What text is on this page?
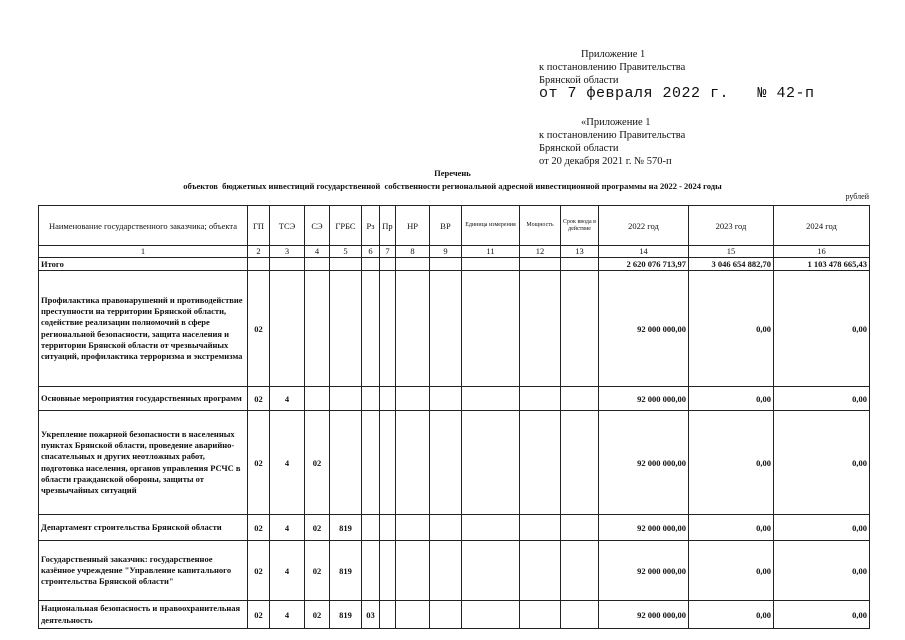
Приложение 1
к постановлению Правительства
Брянской области
от 7 февраля 2022 г.   № 42-п
«Приложение 1
к постановлению Правительства
Брянской области
от 20 декабря 2021 г. № 570-п
Перечень
объектов  бюджетных инвестиций государственной  собственности региональной адресной инвестиционной программы на 2022 - 2024 годы
рублей
Наименование государственного заказчика; объекта	ГП	ТСЭ	СЭ	ГРБС	Рз	Пр	НР	ВР	Единица измерения	Мощность	Срок ввода в действие	2022 год	2023 год	2024 год
1	2	3	4	5	6	7	8	9	11	12	13	14	15	16
Итого												2 620 076 713,97	3 046 654 882,70	1 103 478 665,43
Профилактика правонарушений и противодействие преступности на территории Брянской области, содействие реализации полномочий в сфере региональной безопасности, защита населения и территории Брянской области от чрезвычайных ситуаций, профилактика терроризма и экстремизма	02											92 000 000,00	0,00	0,00
Основные мероприятия государственных программ	02	4										92 000 000,00	0,00	0,00
Укрепление пожарной безопасности в населенных пунктах Брянской области, проведение аварийно-спасательных и других неотложных работ, подготовка населения, органов управления РСЧС в области гражданской обороны, защиты от чрезвычайных ситуаций	02	4	02									92 000 000,00	0,00	0,00
Департамент строительства Брянской области	02	4	02	819								92 000 000,00	0,00	0,00
Государственный заказчик: государственное казённое учреждение "Управление капитального строительства Брянской области"	02	4	02	819								92 000 000,00	0,00	0,00
Национальная безопасность и правоохранительная деятельность	02	4	02	819	03							92 000 000,00	0,00	0,00
